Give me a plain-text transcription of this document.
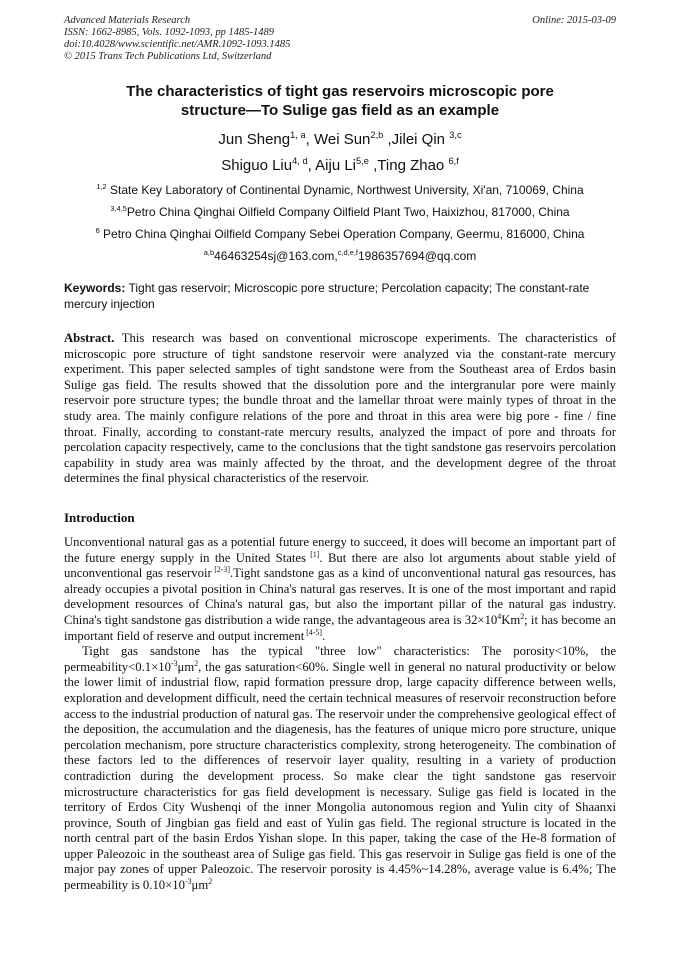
Advanced Materials Research
ISSN: 1662-8985, Vols. 1092-1093, pp 1485-1489
doi:10.4028/www.scientific.net/AMR.1092-1093.1485
© 2015 Trans Tech Publications Ltd, Switzerland
Online: 2015-03-09
The characteristics of tight gas reservoirs microscopic pore
structure—To Sulige gas field as an example
Jun Sheng$^{1, a}$, Wei Sun$^{2,b}$ ,Jilei Qin $^{3,c}$
Shiguo Liu$^{4, d}$, Aiju Li$^{5,e}$ ,Ting Zhao $^{6,f}$
$^{1,2}$ State Key Laboratory of Continental Dynamic, Northwest University, Xi'an, 710069, China
$^{3,4,5}$Petro China Qinghai Oilfield Company Oilfield Plant Two, Haixizhou, 817000, China
$^6$ Petro China Qinghai Oilfield Company Sebei Operation Company, Geermu, 816000, China
$^{a,b}$46463254sj@163.com,$^{c,d,e,f}$1986357694@qq.com
Keywords: Tight gas reservoir; Microscopic pore structure; Percolation capacity; The constant-rate mercury injection
Abstract. This research was based on conventional microscope experiments. The characteristics of microscopic pore structure of tight sandstone reservoir were analyzed via the constant-rate mercury experiment. This paper selected samples of tight sandstone were from the Southeast area of Erdos basin Sulige gas field. The results showed that the dissolution pore and the intergranular pore were mainly reservoir pore structure types; the bundle throat and the lamellar throat were mainly types of throat in the study area. The mainly configure relations of the pore and throat in this area were big pore - fine / fine throat. Finally, according to constant-rate mercury results, analyzed the impact of pore and throats for percolation capacity respectively, came to the conclusions that the tight sandstone gas reservoirs percolation capability in study area was mainly affected by the throat, and the development degree of the throat determines the final physical characteristics of the reservoir.
Introduction
Unconventional natural gas as a potential future energy to succeed, it does will become an important part of the future energy supply in the United States [1]. But there are also lot arguments about stable yield of unconventional gas reservoir [2-3].Tight sandstone gas as a kind of unconventional natural gas resources, has already occupies a pivotal position in China's natural gas reserves. It is one of the most important and rapid development resources of China's natural gas, but also the important pillar of the natural gas industry. China's tight sandstone gas distribution a wide range, the advantageous area is $32\times 10^4Km^2$; it has become an important field of reserve and output increment [4-5].
Tight gas sandstone has the typical "three low" characteristics: The porosity<10%, the $permeability<0.1\times 10^{-3}\mu m^2$, the gas saturation<60%. Single well in general no natural productivity or below the lower limit of industrial flow, rapid formation pressure drop, large capacity difference between wells, exploration and development difficult, need the certain technical measures of reservoir reconstruction before access to the industrial production of natural gas. The reservoir under the comprehensive geological effect of the deposition, the accumulation and the diagenesis, has the features of unique micro pore structure, unique percolation mechanism, pore structure characteristics complexity, strong heterogeneity. The combination of these factors led to the differences of reservoir layer quality, resulting in a variety of production contradiction during the development process. So make clear the tight sandstone gas reservoir microstructure characteristics for gas field development is necessary. Sulige gas field is located in the territory of Erdos City Wushenqi of the inner Mongolia autonomous region and Yulin city of Shaanxi province, South of Jingbian gas field and east of Yulin gas field. The regional structure is located in the north central part of the basin Erdos Yishan slope. In this paper, taking the case of the He-8 formation of upper Paleozoic in the southeast area of Sulige gas field. This gas reservoir in Sulige gas field is one of the major pay zones of upper Paleozoic. The reservoir porosity is 4.45%~14.28%, average value is 6.4%; The permeability is $0.10\times 10^{-3}\mu m^2$
